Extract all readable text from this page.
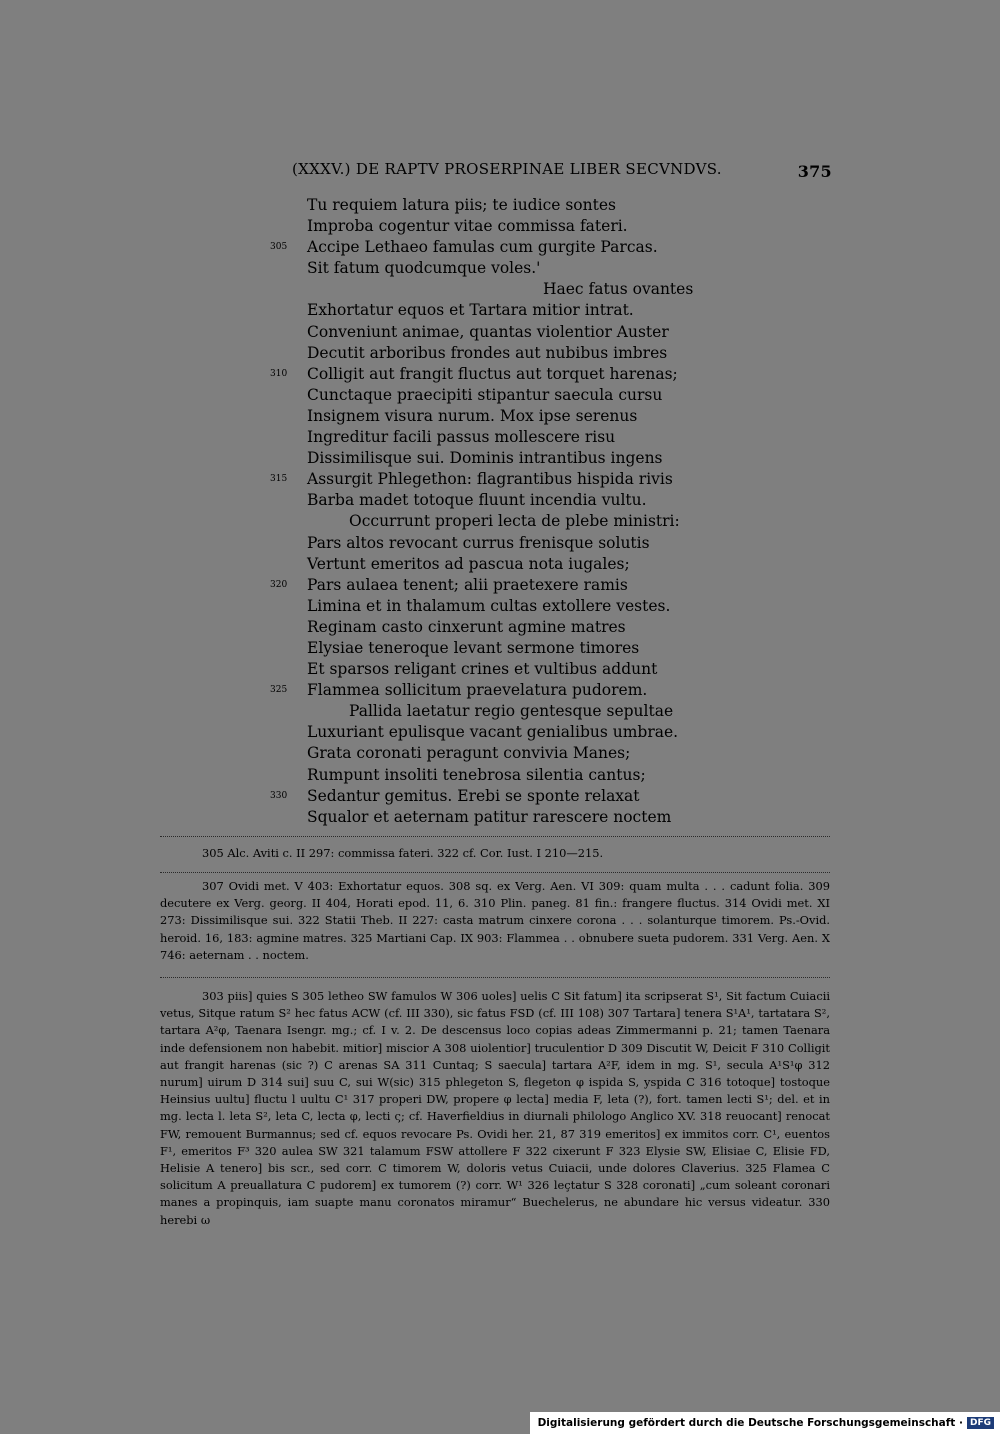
(XXXV.) DE RAPTV PROSERPINAE LIBER SECVNDVS.	375
Tu requiem latura piis; te iudice sontes
Improba cogentur vitae commissa fateri.
305 Accipe Lethaeo famulas cum gurgite Parcas.
Sit fatum quodcumque voles.'
Haec fatus ovantes
Exhortatur equos et Tartara mitior intrat.
Conveniunt animae, quantas violentior Auster
Decutit arboribus frondes aut nubibus imbres
310 Colligit aut frangit fluctus aut torquet harenas;
Cunctaque praecipiti stipantur saecula cursu
Insignem visura nurum. Mox ipse serenus
Ingreditur facili passus mollescere risu
Dissimilisque sui. Dominis intrantibus ingens
315 Assurgit Phlegethon: flagrantibus hispida rivis
Barba madet totoque fluunt incendia vultu.
Occurrunt properi lecta de plebe ministri:
Pars altos revocant currus frenisque solutis
Vertunt emeritos ad pascua nota iugales;
320 Pars aulaea tenent; alii praetexere ramis
Limina et in thalamum cultas extollere vestes.
Reginam casto cinxerunt agmine matres
Elysiae teneroque levant sermone timores
Et sparsos religant crines et vultibus addunt
325 Flammea sollicitum praevelatura pudorem.
Pallida laetatur regio gentesque sepultae
Luxuriant epulisque vacant genialibus umbrae.
Grata coronati peragunt convivia Manes;
Rumpunt insoliti tenebrosa silentia cantus;
330 Sedantur gemitus. Erebi se sponte relaxat
Squalor et aeternam patitur rarescere noctem

305 Alc. Aviti c. II 297: commissa fateri. 322 cf. Cor. Iust. I 210—215.

307 Ovidi met. V 403: Exhortatur equos. 308 sq. ex Verg. Aen. VI 309: quam multa . . . cadunt folia. 309 decutere ex Verg. georg. II 404, Horati epod. 11, 6. 310 Plin. paneg. 81 fin.: frangere fluctus. 314 Ovidi met. XI 273: Dissimilisque sui. 322 Statii Theb. II 227: casta matrum cinxere corona . . . solanturque timorem. Ps.-Ovid. heroid. 16, 183: agmine matres. 325 Martiani Cap. IX 903: Flammea . . obnubere sueta pudorem. 331 Verg. Aen. X 746: aeternam . . noctem.

303 piis] quies S 305 letheo SW famulos W 306 uoles] uelis C Sit fatum] ita scripserat S¹, Sit factum Cuiacii vetus, Sitque ratum S² hec fatus ACW (cf. III 330), sic fatus FSD (cf. III 108) 307 Tartara] tenera S¹A¹, tartatara S², tartara A²φ, Taenara Isengr. mg.; cf. I v. 2. De descensus loco copias adeas Zimmermanni p. 21; tamen Taenara inde defensionem non habebit. mitior] miscior A 308 uiolentior] truculentior D 309 Discutit W, Deicit F 310 Colligit aut frangit harenas (sic ?) C arenas SA 311 Cuntaq; S saecula] tartara A²F, idem in mg. S¹, secula A¹S¹φ 312 nurum] uirum D 314 sui] suu C, sui W(sic) 315 phlegeton S, flegeton φ ispida S, yspida C 316 totoque] tostoque Heinsius uultu] fluctu l uultu C¹ 317 properi DW, propere φ lecta] media F, leta (?), fort. tamen lecti S¹; del. et in mg. lecta l. leta S², leta C, lecta φ, lecti ς; cf. Haverfieldius in diurnali philologo Anglico XV. 318 reuocant] renocat FW, remouent Burmannus; sed cf. equos revocare Ps. Ovidi her. 21, 87 319 emeritos] ex immitos corr. C¹, euentos F¹, emeritos F³ 320 aulea SW 321 talamum FSW attollere F 322 cixerunt F 323 Elysie SW, Elisiae C, Elisie FD, Helisie A tenero] bis scr., sed corr. C timorem W, doloris vetus Cuiacii, unde dolores Claverius. 325 Flamea C solicitum A preuallatura C pudorem] ex tumorem (?) corr. W¹ 326 leçtatur S 328 coronati] „cum soleant coronari manes a propinquis, iam suapte manu coronatos miramur“ Buechelerus, ne abundare hic versus videatur. 330 herebi ω

Digitalisierung gefördert durch die Deutsche Forschungsgemeinschaft · DFG
